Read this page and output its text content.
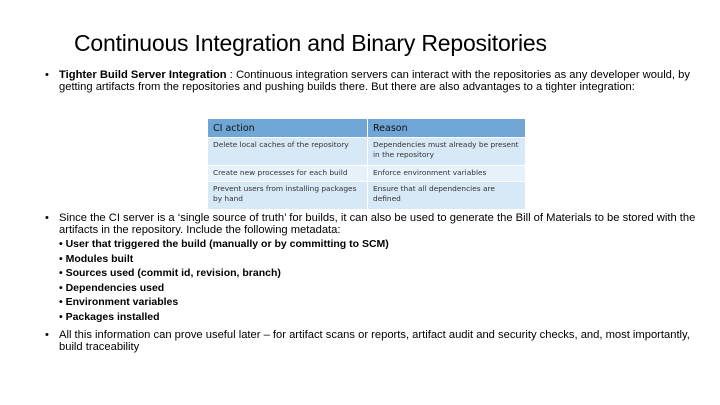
Continuous Integration and Binary Repositories
• Tighter Build Server Integration : Continuous integration servers can interact with the repositories as any developer would, by getting artifacts from the repositories and pushing builds there. But there are also advantages to a tighter integration:
CI action	Reason
Delete local caches of the repository	Dependencies must already be present in the repository
Create new processes for each build	Enforce environment variables
Prevent users from installing packages by hand	Ensure that all dependencies are defined
• Since the CI server is a ‘single source of truth’ for builds, it can also be used to generate the Bill of Materials to be stored with the artifacts in the repository. Include the following metadata:
• User that triggered the build (manually or by committing to SCM)
• Modules built
• Sources used (commit id, revision, branch)
• Dependencies used
• Environment variables
• Packages installed
• All this information can prove useful later – for artifact scans or reports, artifact audit and security checks, and, most importantly, build traceability
